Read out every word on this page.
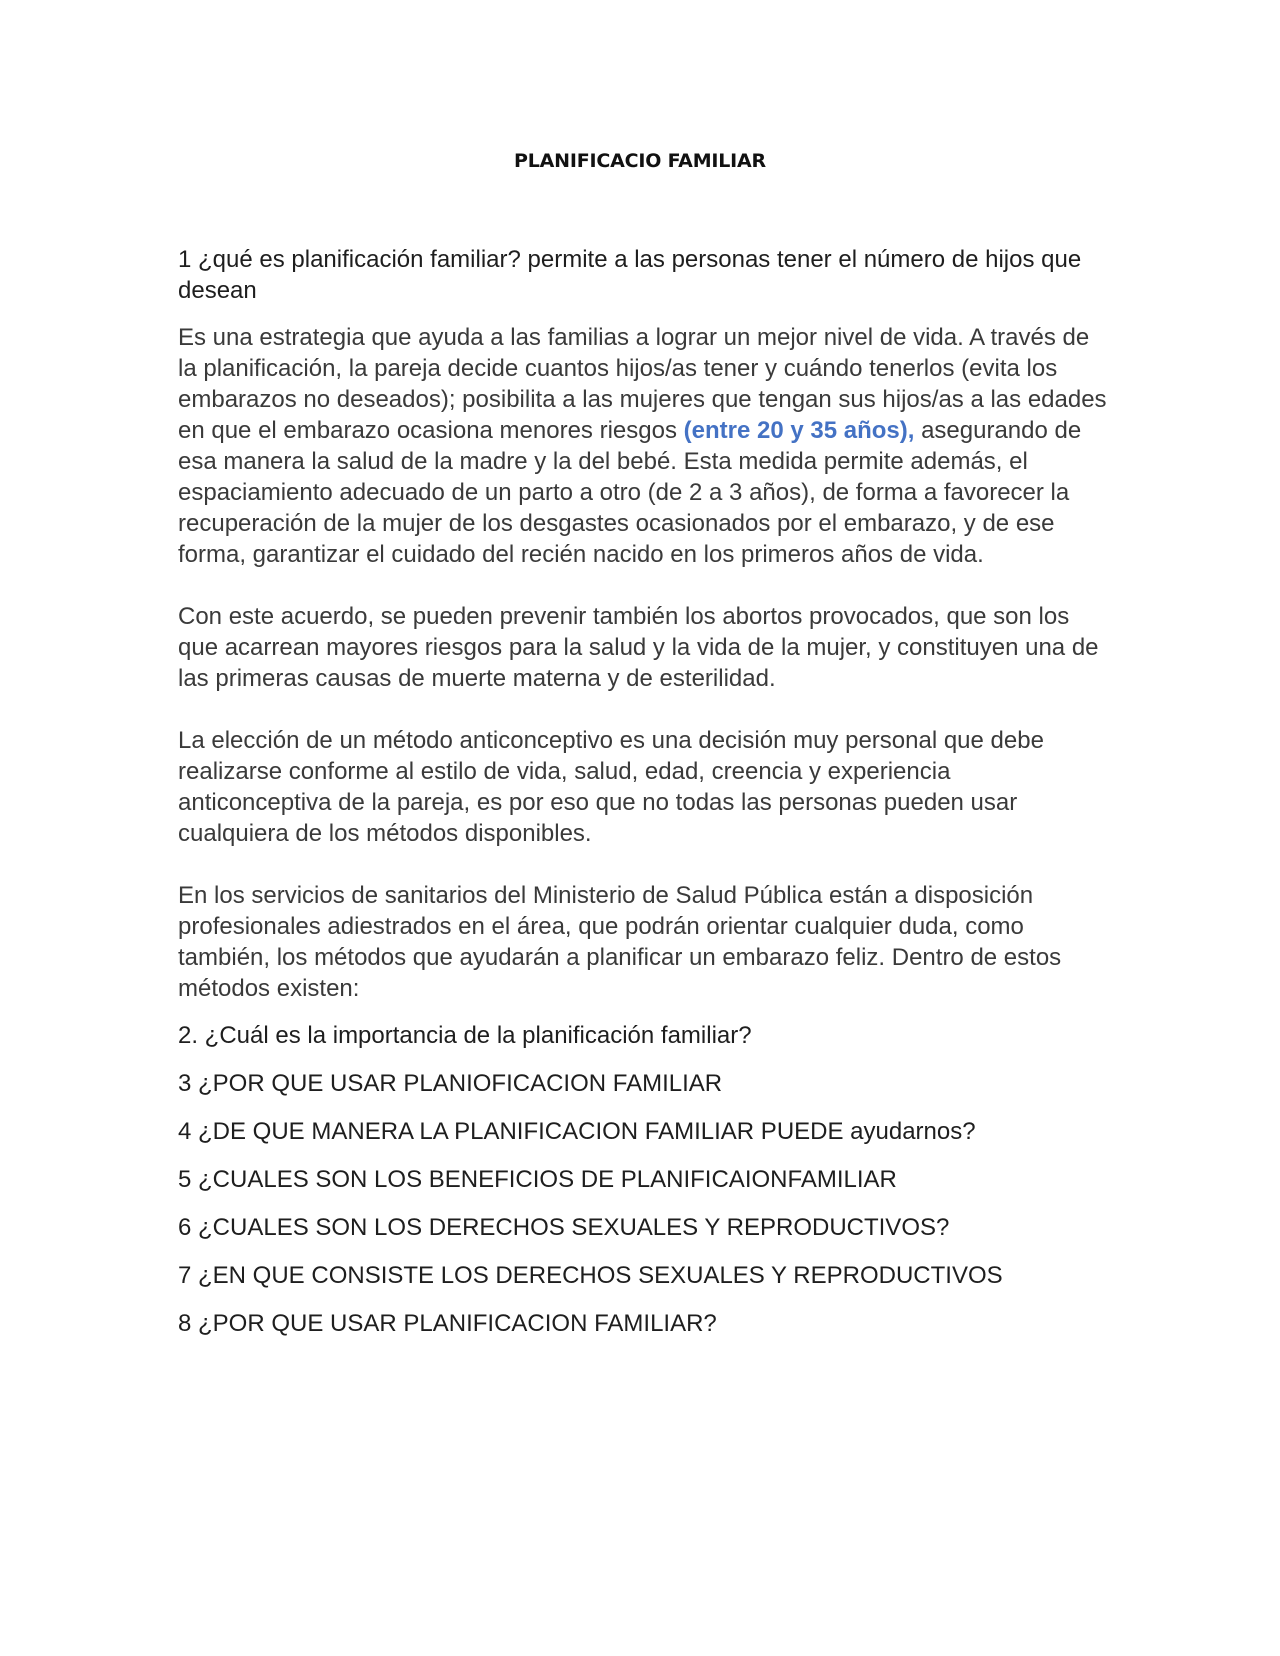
PLANIFICACIO FAMILIAR

1 ¿qué es planificación familiar? permite a las personas tener el número de hijos que desean

Es una estrategia que ayuda a las familias a lograr un mejor nivel de vida. A través de la planificación, la pareja decide cuantos hijos/as tener y cuándo tenerlos (evita los embarazos no deseados); posibilita a las mujeres que tengan sus hijos/as a las edades en que el embarazo ocasiona menores riesgos (entre 20 y 35 años), asegurando de esa manera la salud de la madre y la del bebé. Esta medida permite además, el espaciamiento adecuado de un parto a otro (de 2 a 3 años), de forma a favorecer la recuperación de la mujer de los desgastes ocasionados por el embarazo, y de ese forma, garantizar el cuidado del recién nacido en los primeros años de vida.

Con este acuerdo, se pueden prevenir también los abortos provocados, que son los que acarrean mayores riesgos para la salud y la vida de la mujer, y constituyen una de las primeras causas de muerte materna y de esterilidad.

La elección de un método anticonceptivo es una decisión muy personal que debe realizarse conforme al estilo de vida, salud, edad, creencia y experiencia anticonceptiva de la pareja, es por eso que no todas las personas pueden usar cualquiera de los métodos disponibles.

En los servicios de sanitarios del Ministerio de Salud Pública están a disposición profesionales adiestrados en el área, que podrán orientar cualquier duda, como también, los métodos que ayudarán a planificar un embarazo feliz. Dentro de estos métodos existen:

2. ¿Cuál es la importancia de la planificación familiar?

3 ¿POR QUE USAR PLANIOFICACION FAMILIAR

4 ¿DE QUE MANERA LA PLANIFICACION FAMILIAR PUEDE ayudarnos?

5 ¿CUALES SON LOS BENEFICIOS DE PLANIFICAIONFAMILIAR

6 ¿CUALES SON LOS DERECHOS SEXUALES Y REPRODUCTIVOS?

7 ¿EN QUE CONSISTE LOS DERECHOS SEXUALES Y REPRODUCTIVOS

8 ¿POR QUE USAR PLANIFICACION FAMILIAR?
